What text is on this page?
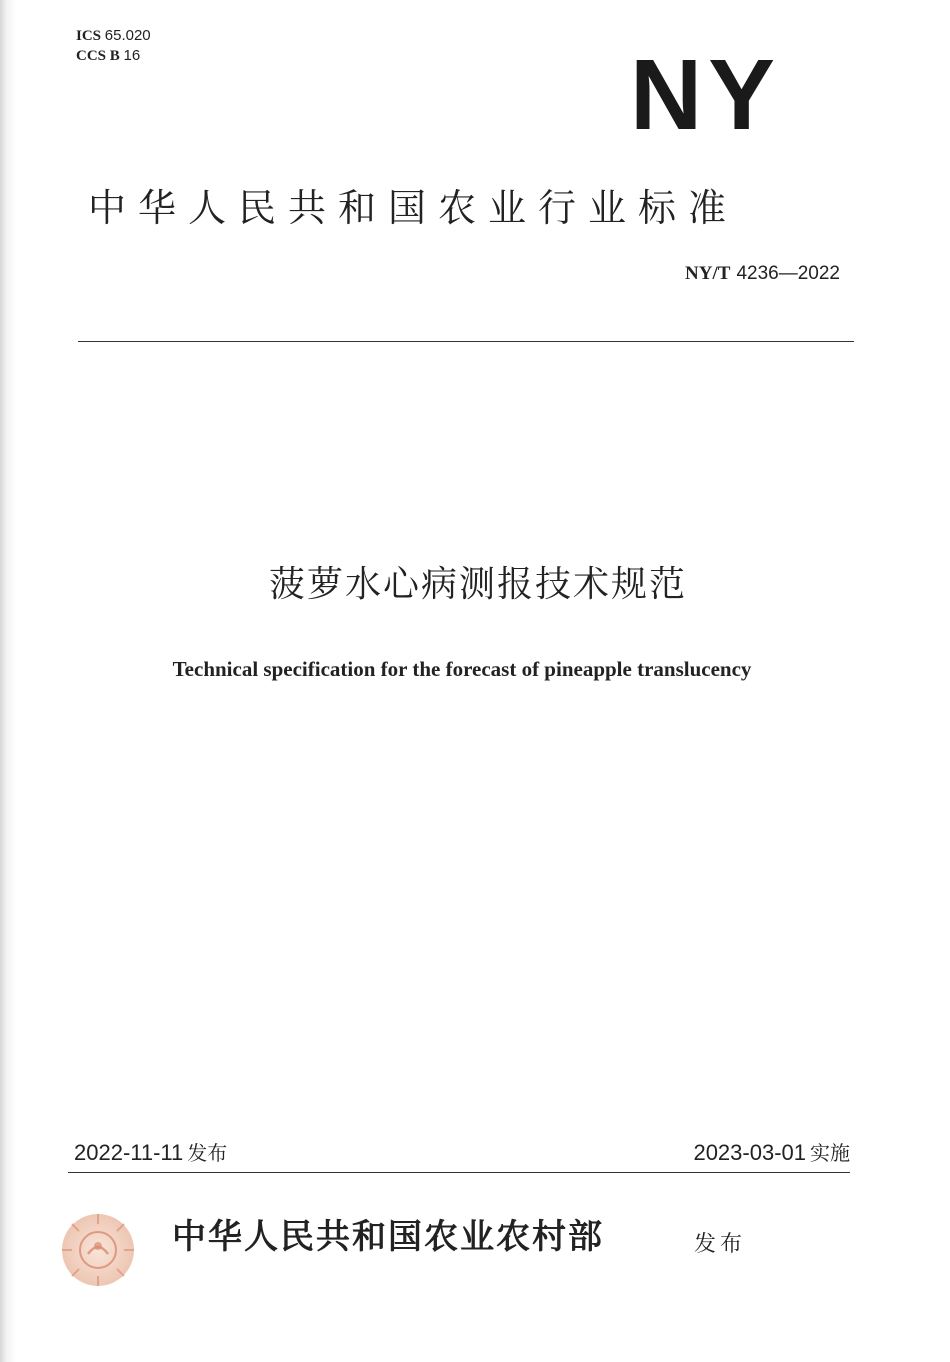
ICS 65.020
CCS B 16	NY
中华人民共和国农业行业标准
NY/T 4236—2022
菠萝水心病测报技术规范
Technical specification for the forecast of pineapple translucency
2022-11-11 发布	2023-03-01 实施
中华人民共和国农业农村部	发布
